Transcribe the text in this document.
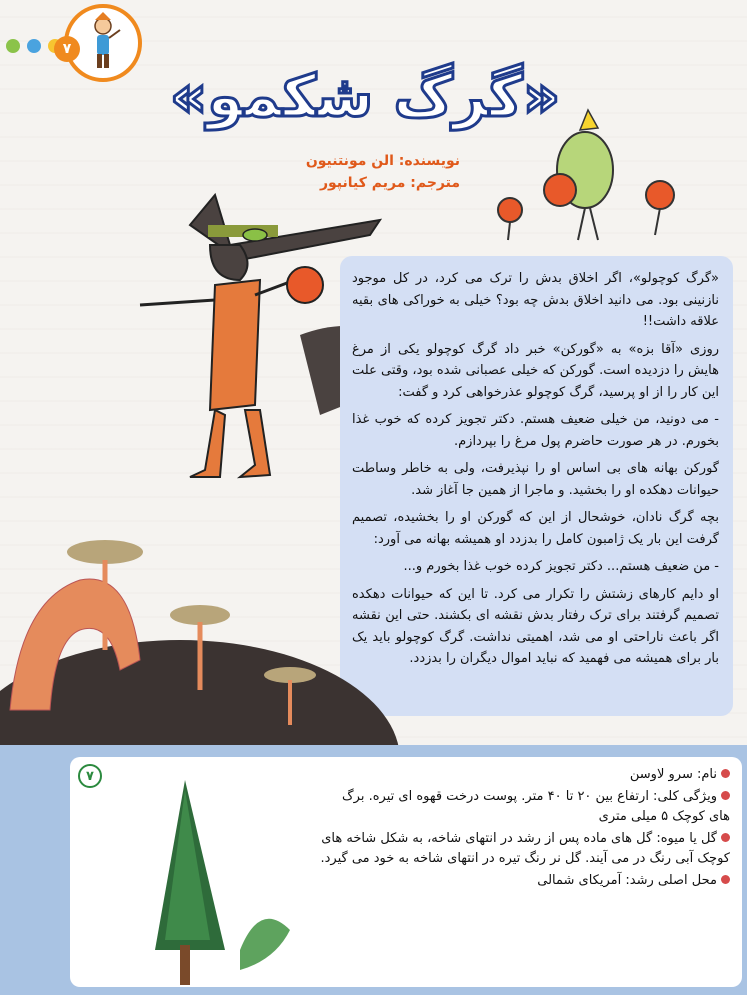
۷
«گرگ شکمو»
نویسنده: الن مونتنیون
مترجم: مریم کیانپور

«گرگ کوچولو»، اگر اخلاق بدش را ترک می کرد، در کل موجود نازنینی بود. می دانید اخلاق بدش چه بود؟ خیلی به خوراکی های بقیه علاقه داشت!!

روزی «آقا بزه» به «گورکن» خبر داد گرگ کوچولو یکی از مرغ هایش را دزدیده است. گورکن که خیلی عصبانی شده بود، وقتی علت این کار را از او پرسید، گرگ کوچولو عذرخواهی کرد و گفت:

- می دونید، من خیلی ضعیف هستم. دکتر تجویز کرده که خوب غذا بخورم. در هر صورت حاضرم پول مرغ را بپردازم.

گورکن بهانه های بی اساس او را نپذیرفت، ولی به خاطر وساطت حیوانات دهکده او را بخشید. و ماجرا از همین جا آغاز شد.

بچه گرگ نادان، خوشحال از این که گورکن او را بخشیده، تصمیم گرفت این بار یک ژامبون کامل را بدزدد او همیشه بهانه می آورد:

- من ضعیف هستم... دکتر تجویز کرده خوب غذا بخورم و...

او دایم کارهای زشتش را تکرار می کرد. تا این که حیوانات دهکده تصمیم گرفتند برای ترک رفتار بدش نقشه ای بکشند. حتی این نقشه اگر باعث ناراحتی او می شد، اهمیتی نداشت. گرگ کوچولو باید یک بار برای همیشه می فهمید که نباید اموال دیگران را بدزدد.

۷	نام: سرو لاوسن
ویژگی کلی: ارتفاع بین ۲۰ تا ۴۰ متر. پوست درخت قهوه ای تیره. برگ های کوچک ۵ میلی متری
گل یا میوه: گل های ماده پس از رشد در انتهای شاخه، به شکل شاخه های کوچک آبی رنگ در می آیند. گل نر رنگ تیره در انتهای شاخه به خود می گیرد.
محل اصلی رشد: آمریکای شمالی
